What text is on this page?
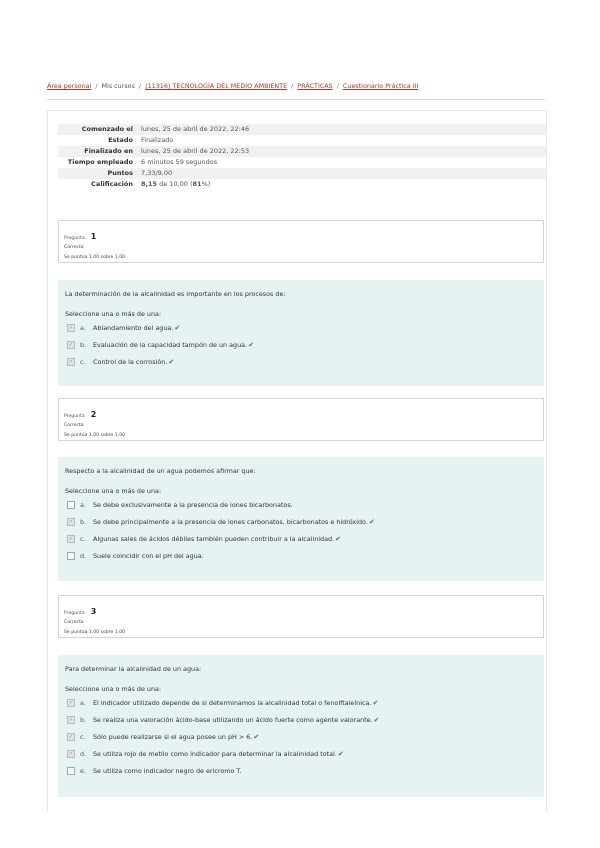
Área personal / Mis cursos / (11316) TECNOLOGÍA DEL MEDIO AMBIENTE / PRÁCTICAS / Cuestionario Práctica III
Comenzado el	lunes, 25 de abril de 2022, 22:46
Estado	Finalizado
Finalizado en	lunes, 25 de abril de 2022, 22:53
Tiempo empleado	6 minutos 59 segundos
Puntos	7,33/9,00
Calificación	8,15 de 10,00 (81%)
Pregunta 1
Correcta
Se puntúa 1,00 sobre 1,00
La determinación de la alcalinidad es importante en los procesos de:
Seleccione una o más de una:
✓ a.	Ablandamiento del agua. ✔
✓ b.	Evaluación de la capacidad tampón de un agua. ✔
✓ c.	Control de la corrosión. ✔
Pregunta 2
Correcta
Se puntúa 1,00 sobre 1,00
Respecto a la alcalinidad de un agua podemos afirmar que:
Seleccione una o más de una:
a.	Se debe exclusivamente a la presencia de iones bicarbonatos.
✓ b.	Se debe principalmente a la presencia de iones carbonatos, bicarbonatos e hidróxido. ✔
✓ c.	Algunas sales de ácidos débiles también pueden contribuir a la alcalinidad. ✔
d.	Suele coincidir con el pH del agua.
Pregunta 3
Correcta
Se puntúa 1,00 sobre 1,00
Para determinar la alcalinidad de un agua:
Seleccione una o más de una:
✓ a.	El indicador utilizado depende de si determinamos la alcalinidad total o fenolftaleínica. ✔
✓ b.	Se realiza una valoración ácido-base utilizando un ácido fuerte como agente valorante. ✔
✓ c.	Sólo puede realizarse si el agua posee un pH > 6. ✔
✓ d.	Se utiliza rojo de metilo como indicador para determinar la alcalinidad total. ✔
e.	Se utiliza como indicador negro de ericromo T.
